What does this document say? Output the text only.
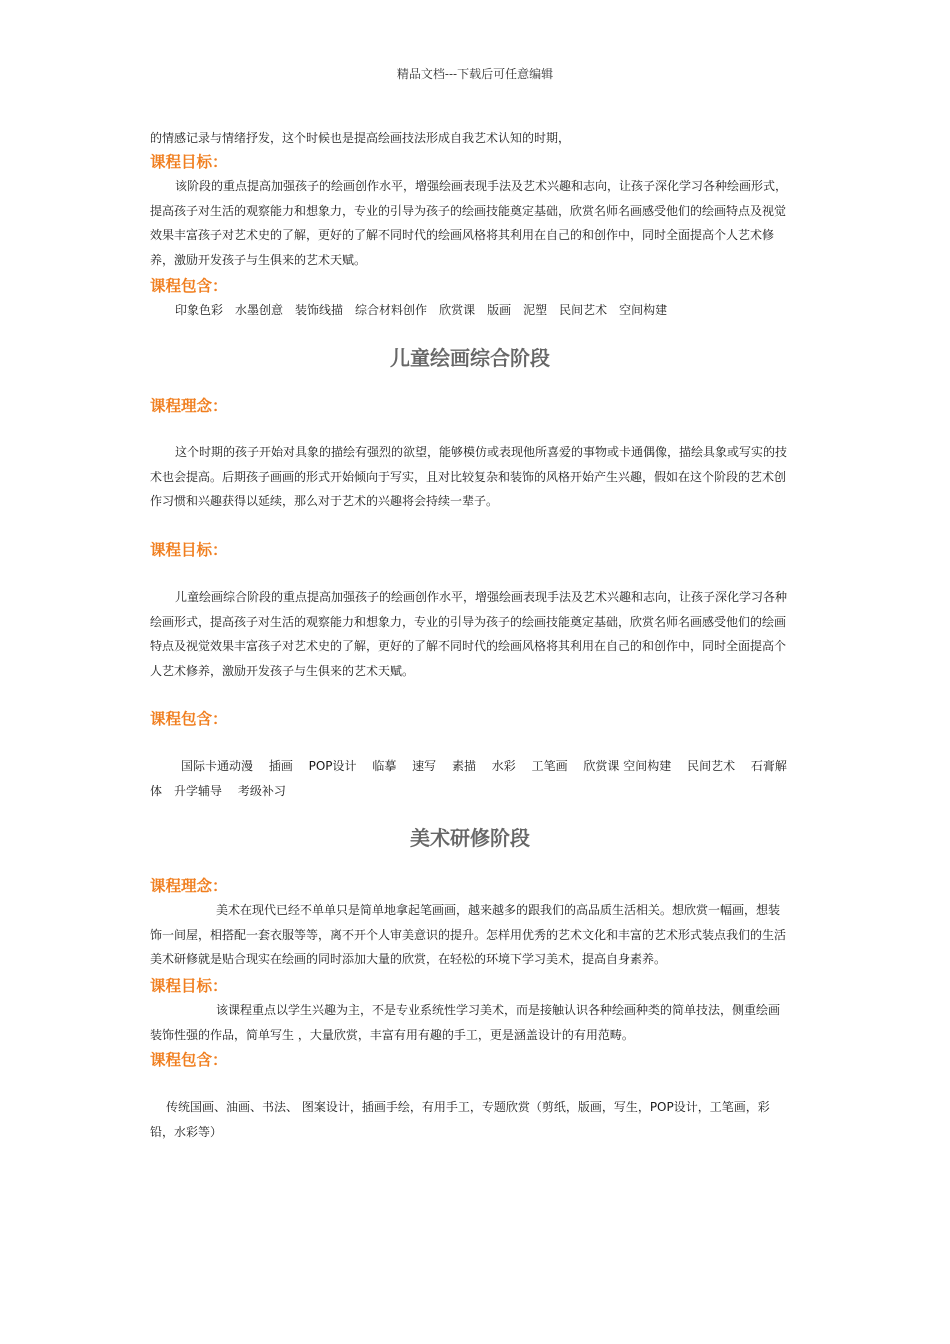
精品文档---下载后可任意编辑

的情感记录与情绪抒发，这个时候也是提高绘画技法形成自我艺术认知的时期，

课程目标：

该阶段的重点提高加强孩子的绘画创作水平，增强绘画表现手法及艺术兴趣和志向，让孩子深化学习各种绘画形式，提高孩子对生活的观察能力和想象力，专业的引导为孩子的绘画技能奠定基础，欣赏名师名画感受他们的绘画特点及视觉效果丰富孩子对艺术史的了解，更好的了解不同时代的绘画风格将其利用在自己的和创作中，同时全面提高个人艺术修养，激励开发孩子与生俱来的艺术天赋。

课程包含：

印象色彩 水墨创意 装饰线描 综合材料创作 欣赏课 版画 泥塑 民间艺术 空间构建

儿童绘画综合阶段
课程理念：

这个时期的孩子开始对具象的描绘有强烈的欲望，能够模仿或表现他所喜爱的事物或卡通偶像，描绘具象或写实的技术也会提高。后期孩子画画的形式开始倾向于写实，且对比较复杂和装饰的风格开始产生兴趣，假如在这个阶段的艺术创作习惯和兴趣获得以延续，那么对于艺术的兴趣将会持续一辈子。

课程目标：

儿童绘画综合阶段的重点提高加强孩子的绘画创作水平，增强绘画表现手法及艺术兴趣和志向，让孩子深化学习各种绘画形式，提高孩子对生活的观察能力和想象力，专业的引导为孩子的绘画技能奠定基础，欣赏名师名画感受他们的绘画特点及视觉效果丰富孩子对艺术史的了解，更好的了解不同时代的绘画风格将其利用在自己的和创作中，同时全面提高个人艺术修养，激励开发孩子与生俱来的艺术天赋。

课程包含：

国际卡通动漫　 插画　 POP设计　 临摹　 速写　 素描　 水彩　 工笔画　 欣赏课 空间构建　 民间艺术　 石膏解体　升学辅导　 考级补习

美术研修阶段
课程理念：

美术在现代已经不单单只是简单地拿起笔画画，越来越多的跟我们的高品质生活相关。想欣赏一幅画，想装饰一间屋，相搭配一套衣服等等，离不开个人审美意识的提升。怎样用优秀的艺术文化和丰富的艺术形式装点我们的生活美术研修就是贴合现实在绘画的同时添加大量的欣赏，在轻松的环境下学习美术，提高自身素养。

课程目标：

该课程重点以学生兴趣为主，不是专业系统性学习美术，而是接触认识各种绘画种类的简单技法，侧重绘画装饰性强的作品，简单写生 ，大量欣赏，丰富有用有趣的手工，更是涵盖设计的有用范畴。

课程包含：

传统国画、油画、书法、 图案设计，插画手绘，有用手工，专题欣赏（剪纸，版画，写生，POP设计，工笔画，彩铅，水彩等）
